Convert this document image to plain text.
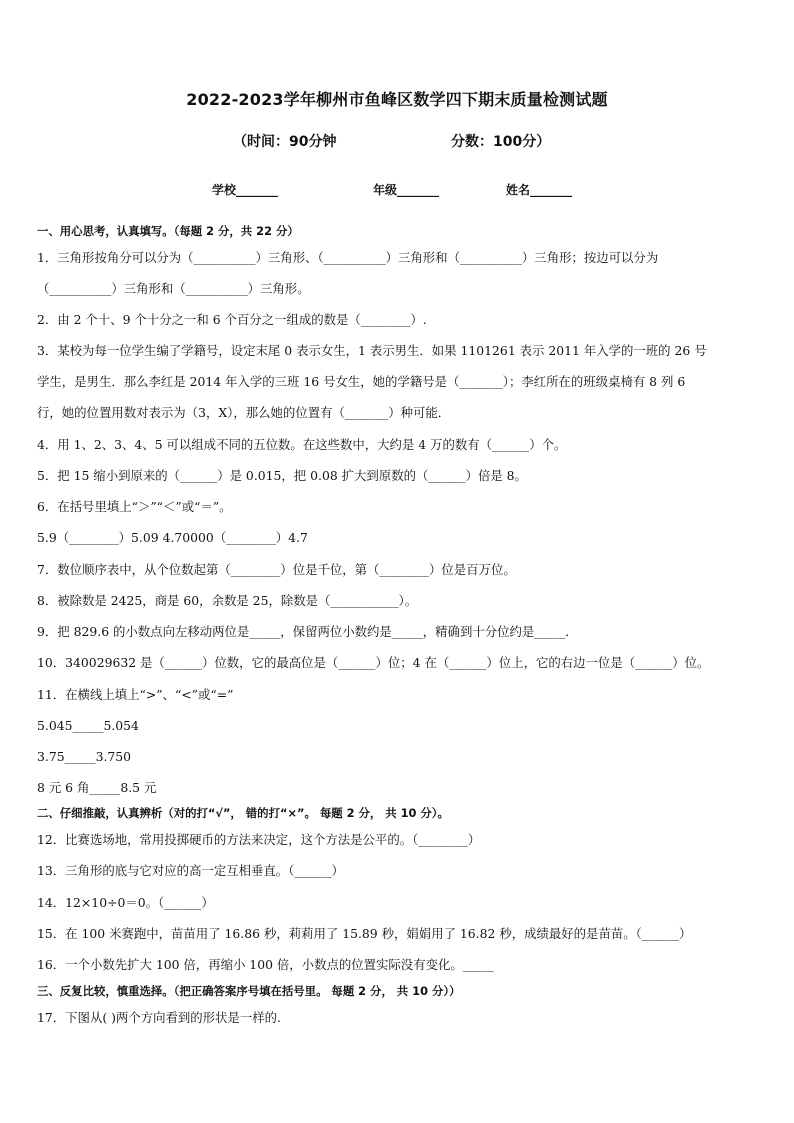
2022-2023学年柳州市鱼峰区数学四下期末质量检测试题
（时间：90分钟	分数：100分）
学校_______	年级_______	姓名_______
一、用心思考，认真填写。（每题 2 分，共 22 分）
1．三角形按角分可以分为（__________）三角形、（__________）三角形和（__________）三角形；按边可以分为
（__________）三角形和（__________）三角形。
2．由 2 个十、9 个十分之一和 6 个百分之一组成的数是（________）.
3．某校为每一位学生编了学籍号，设定末尾 0 表示女生，1 表示男生．如果 1101261 表示 2011 年入学的一班的 26 号
学生，是男生．那么李红是 2014 年入学的三班 16 号女生，她的学籍号是（_______）；李红所在的班级桌椅有 8 列 6
行，她的位置用数对表示为（3，X），那么她的位置有（_______）种可能．
4．用 1、2、3、4、5 可以组成不同的五位数。在这些数中，大约是 4 万的数有（______）个。
5．把 15 缩小到原来的（______）是 0.015，把 0.08 扩大到原数的（______）倍是 8。
6．在括号里填上“＞”“＜”或“＝”。
5.9（________）5.09 4.70000（________）4.7
7．数位顺序表中，从个位数起第（________）位是千位，第（________）位是百万位。
8．被除数是 2425，商是 60，余数是 25，除数是（___________）。
9．把 829.6 的小数点向左移动两位是_____，保留两位小数约是_____，精确到十分位约是_____．
10．340029632 是（______）位数，它的最高位是（______）位；4 在（______）位上，它的右边一位是（______）位。
11．在横线上填上“>”、“<”或“=”
5.045_____5.054
3.75_____3.750
8 元 6 角_____8.5 元
二、仔细推敲，认真辨析（对的打“√”， 错的打“×”。 每题 2 分， 共 10 分）。
12．比赛选场地，常用投掷硬币的方法来决定，这个方法是公平的。（________）
13．三角形的底与它对应的高一定互相垂直。（______）
14．12×10÷0＝0。（______）
15．在 100 米赛跑中，苗苗用了 16.86 秒，莉莉用了 15.89 秒，娟娟用了 16.82 秒，成绩最好的是苗苗。（______）
16．一个小数先扩大 100 倍，再缩小 100 倍，小数点的位置实际没有变化。_____
三、反复比较，慎重选择。（把正确答案序号填在括号里。 每题 2 分， 共 10 分））
17．下图从( )两个方向看到的形状是一样的.
